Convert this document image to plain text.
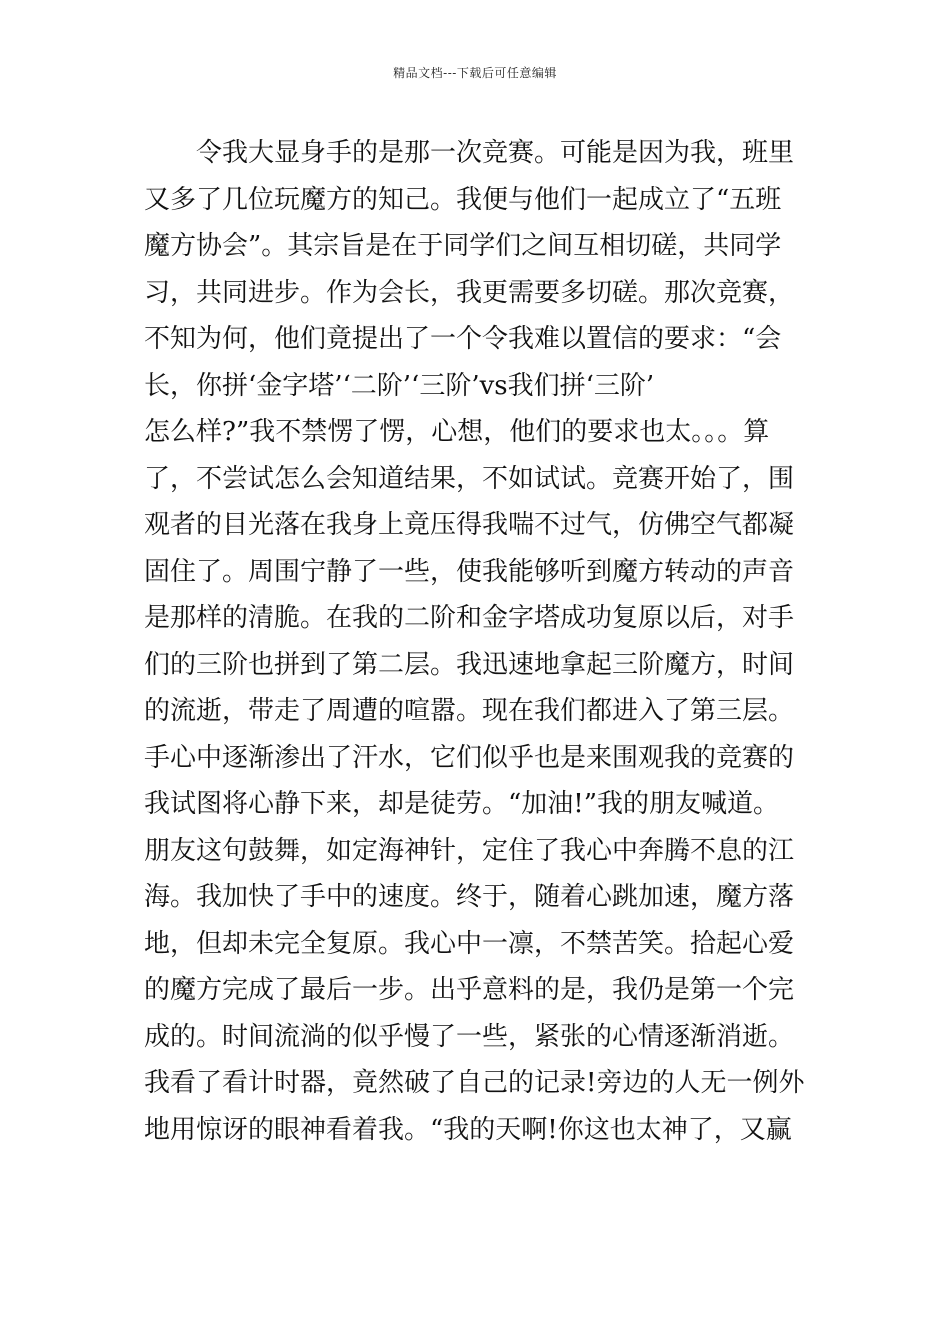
精品文档---下载后可任意编辑
令我大显身手的是那一次竞赛。可能是因为我，班里
又多了几位玩魔方的知己。我便与他们一起成立了“五班
魔方协会”。其宗旨是在于同学们之间互相切磋，共同学
习，共同进步。作为会长，我更需要多切磋。那次竞赛，
不知为何，他们竟提出了一个令我难以置信的要求：“会
长，你拼‘金字塔’‘二阶’‘三阶’vs我们拼‘三阶’
怎么样?”我不禁愣了愣，心想，他们的要求也太。。。算
了，不尝试怎么会知道结果，不如试试。竞赛开始了，围
观者的目光落在我身上竟压得我喘不过气，仿佛空气都凝
固住了。周围宁静了一些，使我能够听到魔方转动的声音
是那样的清脆。在我的二阶和金字塔成功复原以后，对手
们的三阶也拼到了第二层。我迅速地拿起三阶魔方，时间
的流逝，带走了周遭的喧嚣。现在我们都进入了第三层。
手心中逐渐渗出了汗水，它们似乎也是来围观我的竞赛的
我试图将心静下来，却是徒劳。“加油!”我的朋友喊道。
朋友这句鼓舞，如定海神针，定住了我心中奔腾不息的江
海。我加快了手中的速度。终于，随着心跳加速，魔方落
地，但却未完全复原。我心中一凛，不禁苦笑。拾起心爱
的魔方完成了最后一步。出乎意料的是，我仍是第一个完
成的。时间流淌的似乎慢了一些，紧张的心情逐渐消逝。
我看了看计时器，竟然破了自己的记录!旁边的人无一例外
地用惊讶的眼神看着我。“我的天啊!你这也太神了，又赢
